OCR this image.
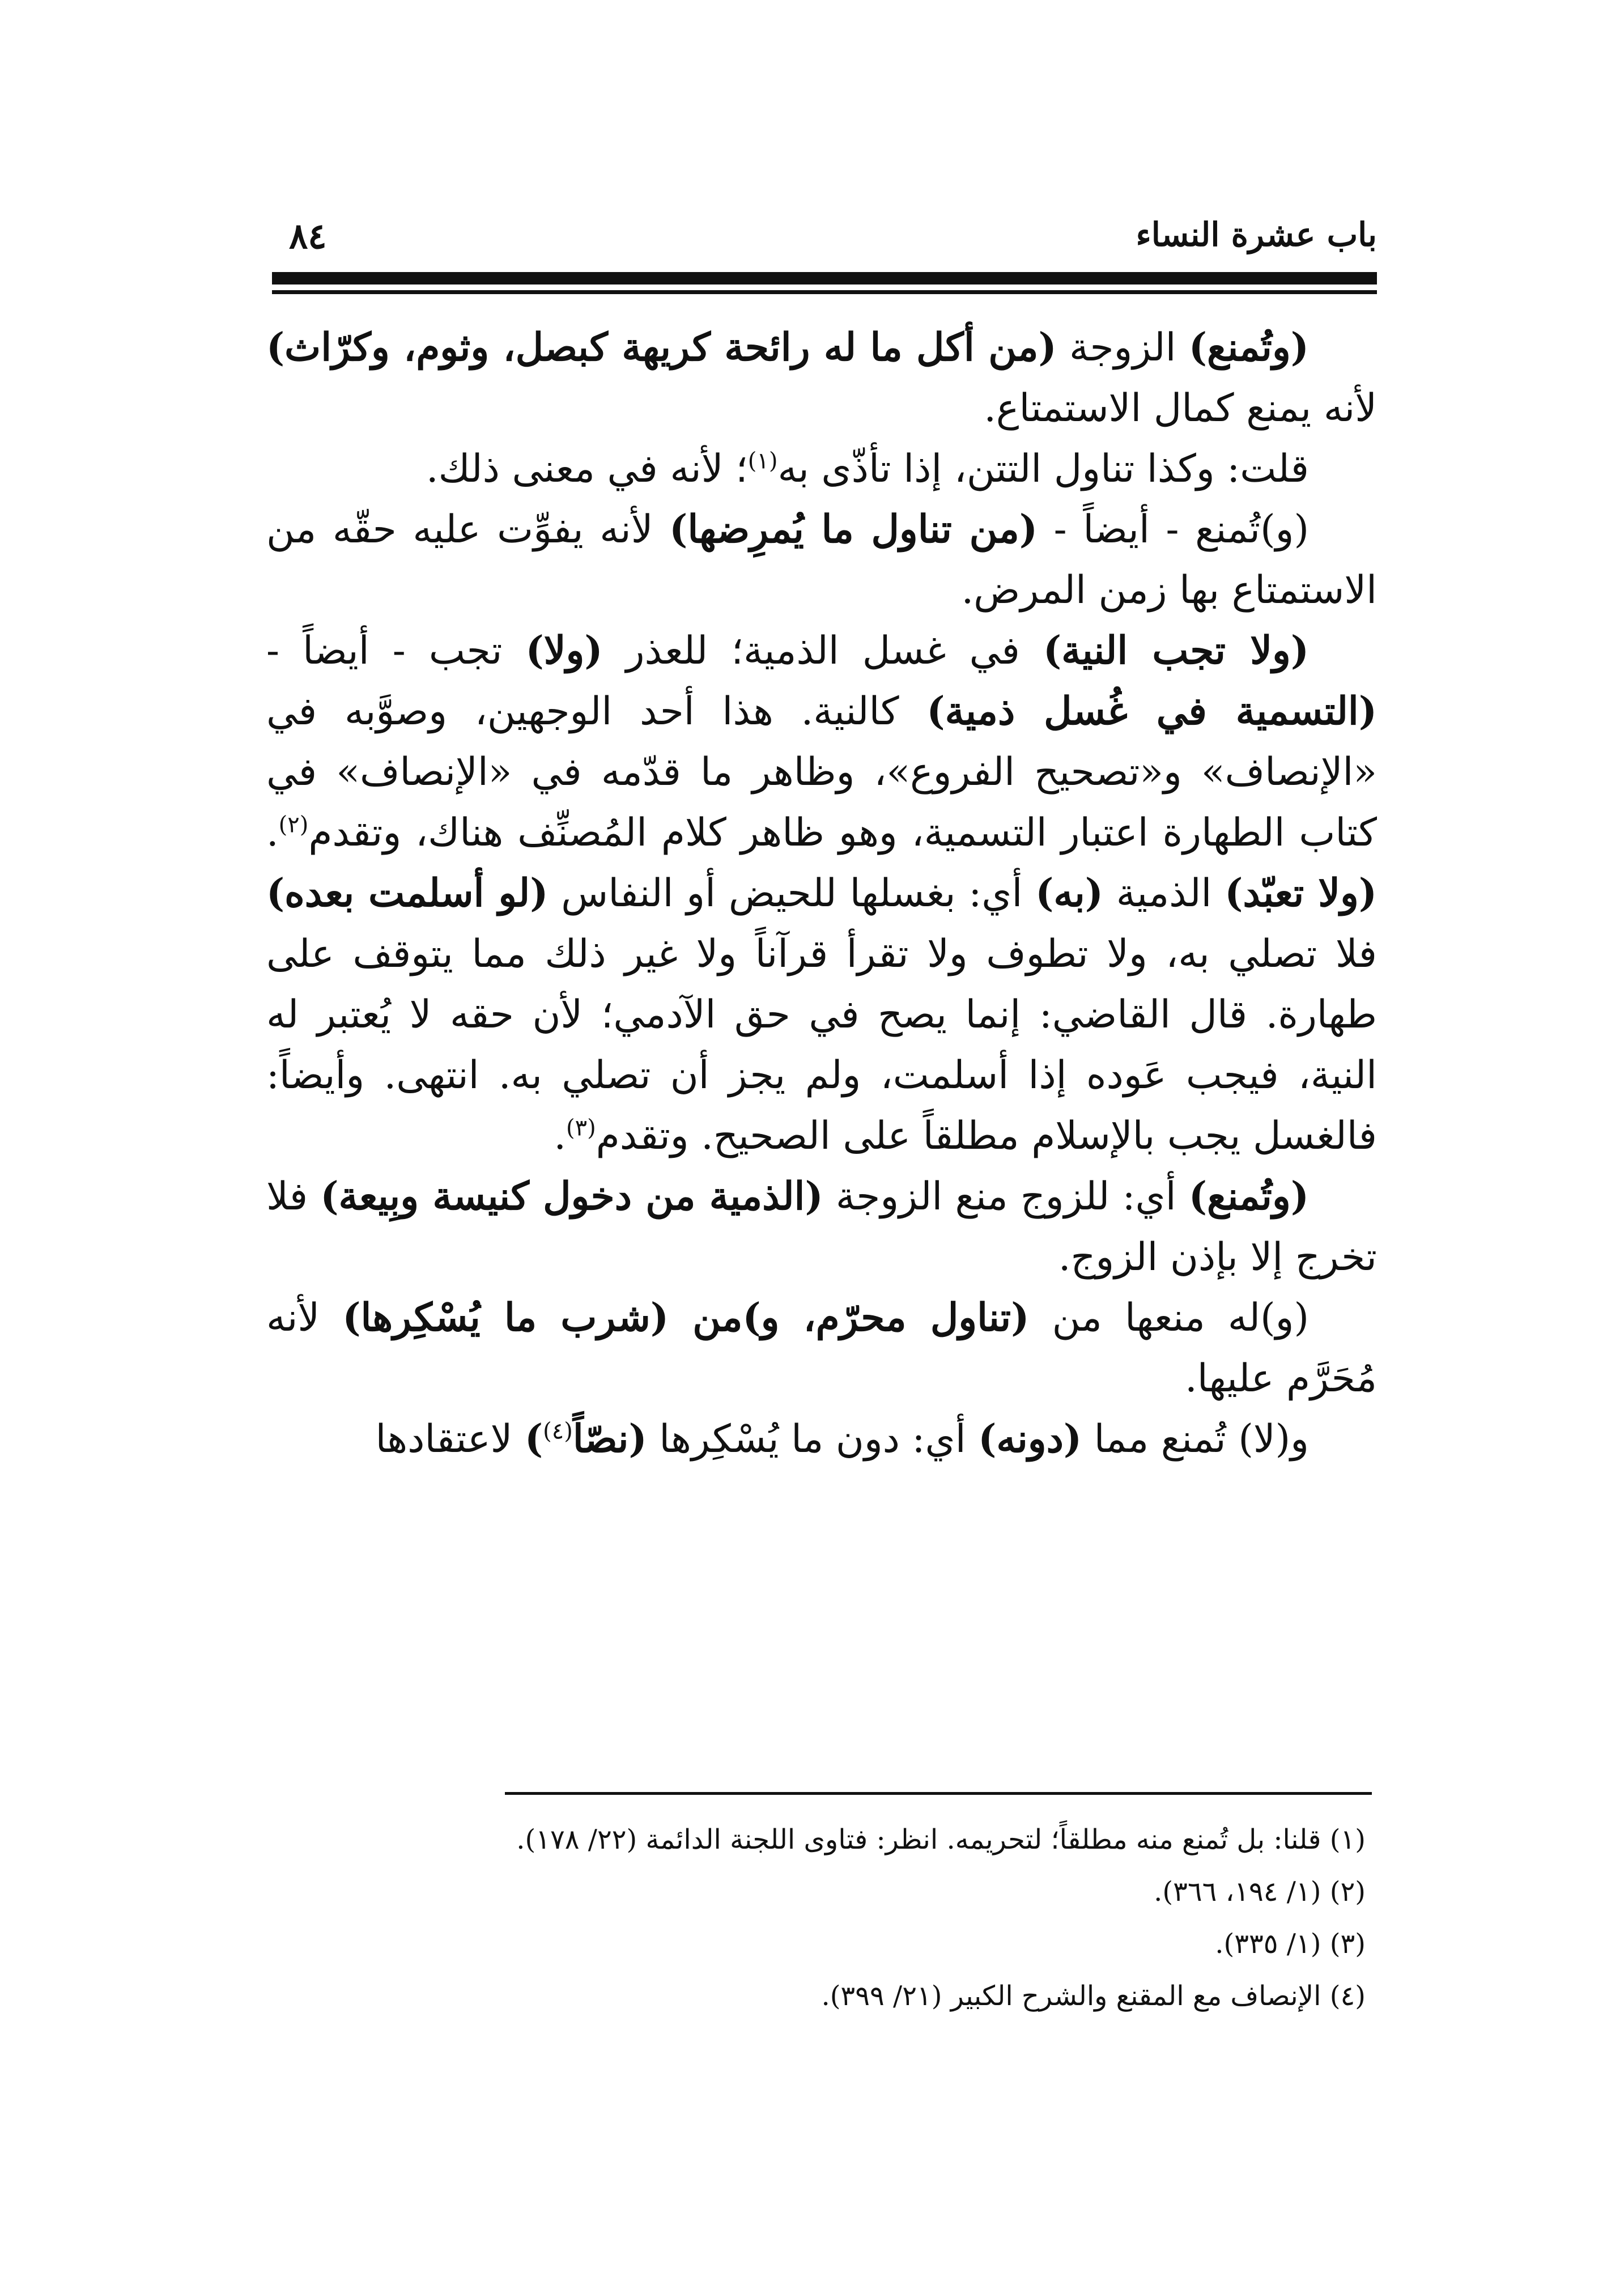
باب عشرة النساء
٨٤

(وتُمنع) الزوجة (من أكل ما له رائحة كريهة كبصل، وثوم، وكرّاث) لأنه يمنع كمال الاستمتاع.

قلت: وكذا تناول التتن، إذا تأذّى به$^{(١)}$؛ لأنه في معنى ذلك.

(و)تُمنع - أيضاً - (من تناول ما يُمرِضها) لأنه يفوِّت عليه حقّه من الاستمتاع بها زمن المرض.

(ولا تجب النية) في غسل الذمية؛ للعذر (ولا) تجب - أيضاً - (التسمية في غُسل ذمية) كالنية. هذا أحد الوجهين، وصوَّبه في «الإنصاف» و«تصحيح الفروع»، وظاهر ما قدّمه في «الإنصاف» في كتاب الطهارة اعتبار التسمية، وهو ظاهر كلام المُصنِّف هناك، وتقدم$^{(٢)}$. (ولا تعبّد) الذمية (به) أي: بغسلها للحيض أو النفاس (لو أسلمت بعده) فلا تصلي به، ولا تطوف ولا تقرأ قرآناً ولا غير ذلك مما يتوقف على طهارة. قال القاضي: إنما يصح في حق الآدمي؛ لأن حقه لا يُعتبر له النية، فيجب عَوده إذا أسلمت، ولم يجز أن تصلي به. انتهى. وأيضاً: فالغسل يجب بالإسلام مطلقاً على الصحيح. وتقدم$^{(٣)}$.

(وتُمنع) أي: للزوج منع الزوجة (الذمية من دخول كنيسة وبِيعة) فلا تخرج إلا بإذن الزوج.

(و)له منعها من (تناول محرّم، و)من (شرب ما يُسْكِرها) لأنه مُحَرَّم عليها.

و(لا) تُمنع مما (دونه) أي: دون ما يُسْكِرها (نصّاً$^{(٤)}$) لاعتقادها

(١) قلنا: بل تُمنع منه مطلقاً؛ لتحريمه. انظر: فتاوى اللجنة الدائمة (٢٢/ ١٧٨).

(٢) (١/ ١٩٤، ٣٦٦).

(٣) (١/ ٣٣٥).

(٤) الإنصاف مع المقنع والشرح الكبير (٢١/ ٣٩٩).
